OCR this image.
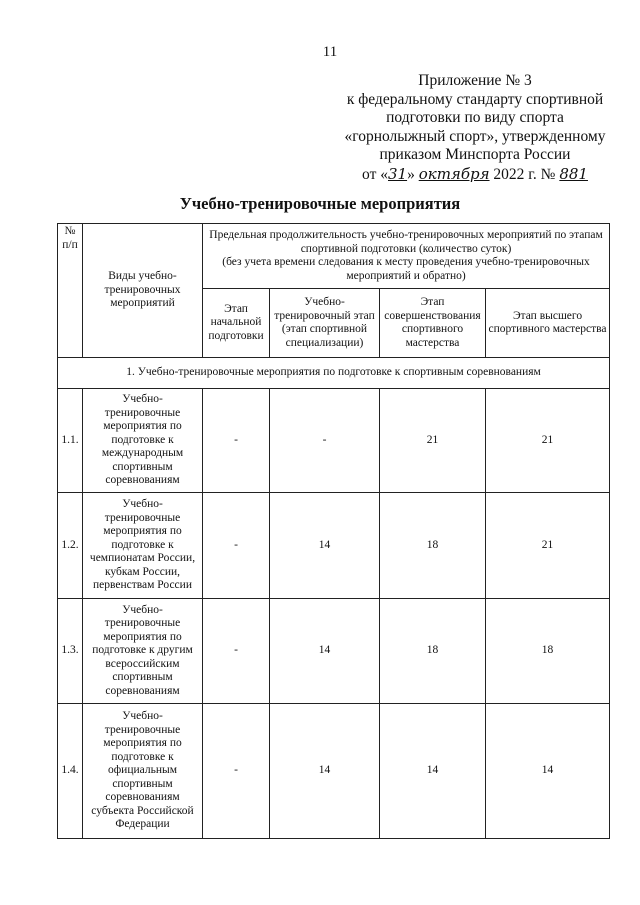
11
Приложение № 3
к федеральному стандарту спортивной
подготовки по виду спорта
«горнолыжный спорт», утвержденному
приказом Минспорта России
от «31» октября 2022 г. № 881
Учебно-тренировочные мероприятия
№ п/п	Виды учебно-тренировочных мероприятий	Предельная продолжительность учебно-тренировочных мероприятий по этапам спортивной подготовки (количество суток)
(без учета времени следования к месту проведения учебно-тренировочных мероприятий и обратно)			
		Этап начальной подготовки	Учебно-тренировочный этап (этап спортивной специализации)	Этап совершенствования спортивного мастерства	Этап высшего спортивного мастерства
1. Учебно-тренировочные мероприятия по подготовке к спортивным соревнованиям					
1.1.	Учебно-тренировочные мероприятия по подготовке к международным спортивным соревнованиям	-	-	21	21
1.2.	Учебно-тренировочные мероприятия по подготовке к чемпионатам России, кубкам России, первенствам России	-	14	18	21
1.3.	Учебно-тренировочные мероприятия по подготовке к другим всероссийским спортивным соревнованиям	-	14	18	18
1.4.	Учебно-тренировочные мероприятия по подготовке к официальным спортивным соревнованиям субъекта Российской Федерации	-	14	14	14
